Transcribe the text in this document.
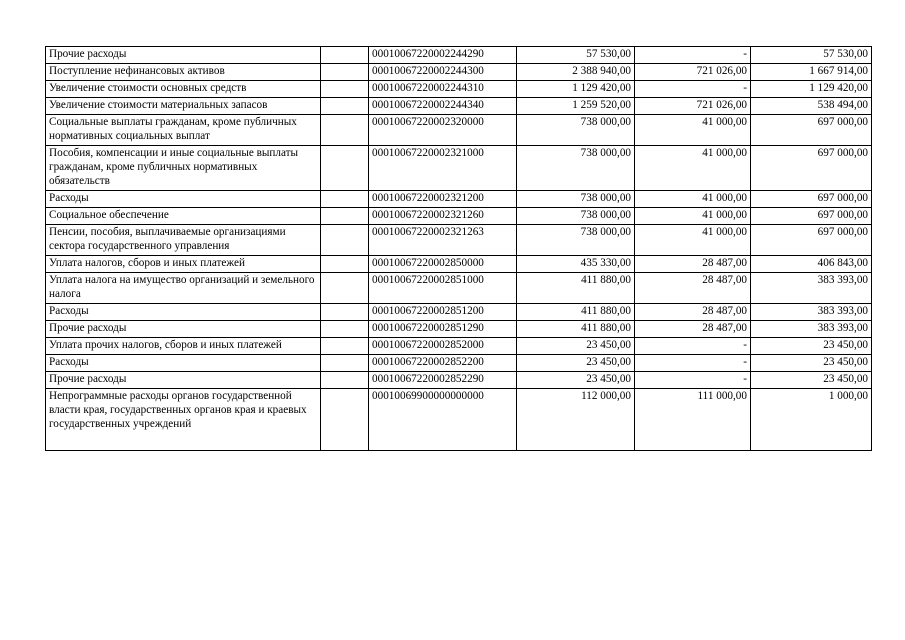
Прочие расходы		00010067220002244290	57 530,00	-	57 530,00
Поступление нефинансовых активов		00010067220002244300	2 388 940,00	721 026,00	1 667 914,00
Увеличение стоимости основных средств		00010067220002244310	1 129 420,00	-	1 129 420,00
Увеличение стоимости материальных запасов		00010067220002244340	1 259 520,00	721 026,00	538 494,00
Социальные выплаты гражданам, кроме публичных нормативных социальных выплат		00010067220002320000	738 000,00	41 000,00	697 000,00
Пособия, компенсации и иные социальные выплаты гражданам, кроме публичных нормативных обязательств		00010067220002321000	738 000,00	41 000,00	697 000,00
Расходы		00010067220002321200	738 000,00	41 000,00	697 000,00
Социальное обеспечение		00010067220002321260	738 000,00	41 000,00	697 000,00
Пенсии, пособия, выплачиваемые организациями сектора государственного управления		00010067220002321263	738 000,00	41 000,00	697 000,00
Уплата налогов, сборов и иных платежей		00010067220002850000	435 330,00	28 487,00	406 843,00
Уплата налога на имущество организаций и земельного налога		00010067220002851000	411 880,00	28 487,00	383 393,00
Расходы		00010067220002851200	411 880,00	28 487,00	383 393,00
Прочие расходы		00010067220002851290	411 880,00	28 487,00	383 393,00
Уплата прочих налогов, сборов и иных платежей		00010067220002852000	23 450,00	-	23 450,00
Расходы		00010067220002852200	23 450,00	-	23 450,00
Прочие расходы		00010067220002852290	23 450,00	-	23 450,00
Непрограммные расходы органов государственной власти края, государственных органов края и краевых государственных учреждений		00010069900000000000	112 000,00	111 000,00	1 000,00
